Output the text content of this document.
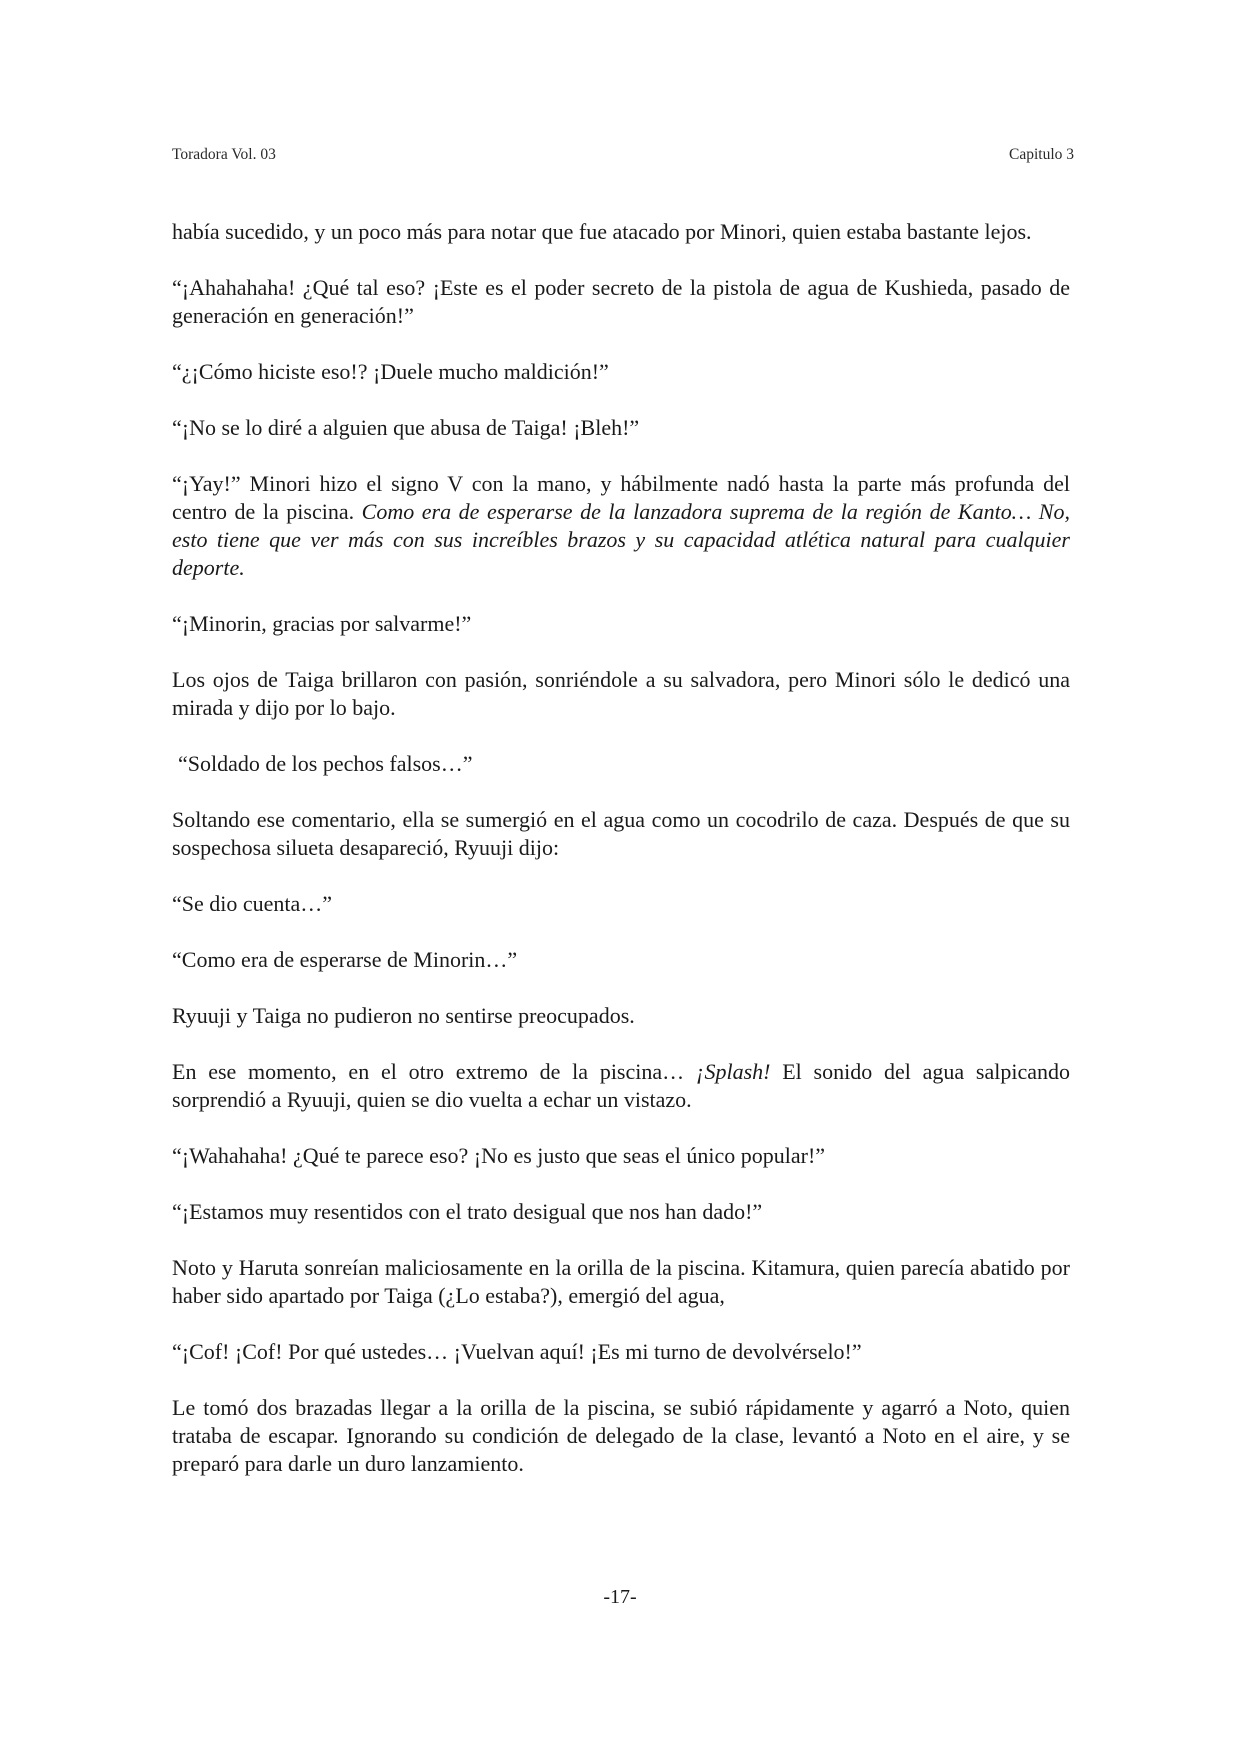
Toradora Vol. 03	Capitulo 3

había sucedido, y un poco más para notar que fue atacado por Minori, quien estaba bastante lejos.

“¡Ahahahaha! ¿Qué tal eso? ¡Este es el poder secreto de la pistola de agua de Kushieda, pasado de generación en generación!”

“¿¡Cómo hiciste eso!? ¡Duele mucho maldición!”

“¡No se lo diré a alguien que abusa de Taiga! ¡Bleh!”

“¡Yay!” Minori hizo el signo V con la mano, y hábilmente nadó hasta la parte más profunda del centro de la piscina. Como era de esperarse de la lanzadora suprema de la región de Kanto… No, esto tiene que ver más con sus increíbles brazos y su capacidad atlética natural para cualquier deporte.

“¡Minorin, gracias por salvarme!”

Los ojos de Taiga brillaron con pasión, sonriéndole a su salvadora, pero Minori sólo le dedicó una mirada y dijo por lo bajo.

“Soldado de los pechos falsos…”

Soltando ese comentario, ella se sumergió en el agua como un cocodrilo de caza. Después de que su sospechosa silueta desapareció, Ryuuji dijo:

“Se dio cuenta…”

“Como era de esperarse de Minorin…”

Ryuuji y Taiga no pudieron no sentirse preocupados.

En ese momento, en el otro extremo de la piscina… ¡Splash! El sonido del agua salpicando sorprendió a Ryuuji, quien se dio vuelta a echar un vistazo.

“¡Wahahaha! ¿Qué te parece eso? ¡No es justo que seas el único popular!”

“¡Estamos muy resentidos con el trato desigual que nos han dado!”

Noto y Haruta sonreían maliciosamente en la orilla de la piscina. Kitamura, quien parecía abatido por haber sido apartado por Taiga (¿Lo estaba?), emergió del agua,

“¡Cof! ¡Cof! Por qué ustedes… ¡Vuelvan aquí! ¡Es mi turno de devolvérselo!”

Le tomó dos brazadas llegar a la orilla de la piscina, se subió rápidamente y agarró a Noto, quien trataba de escapar. Ignorando su condición de delegado de la clase, levantó a Noto en el aire, y se preparó para darle un duro lanzamiento.

-17-
